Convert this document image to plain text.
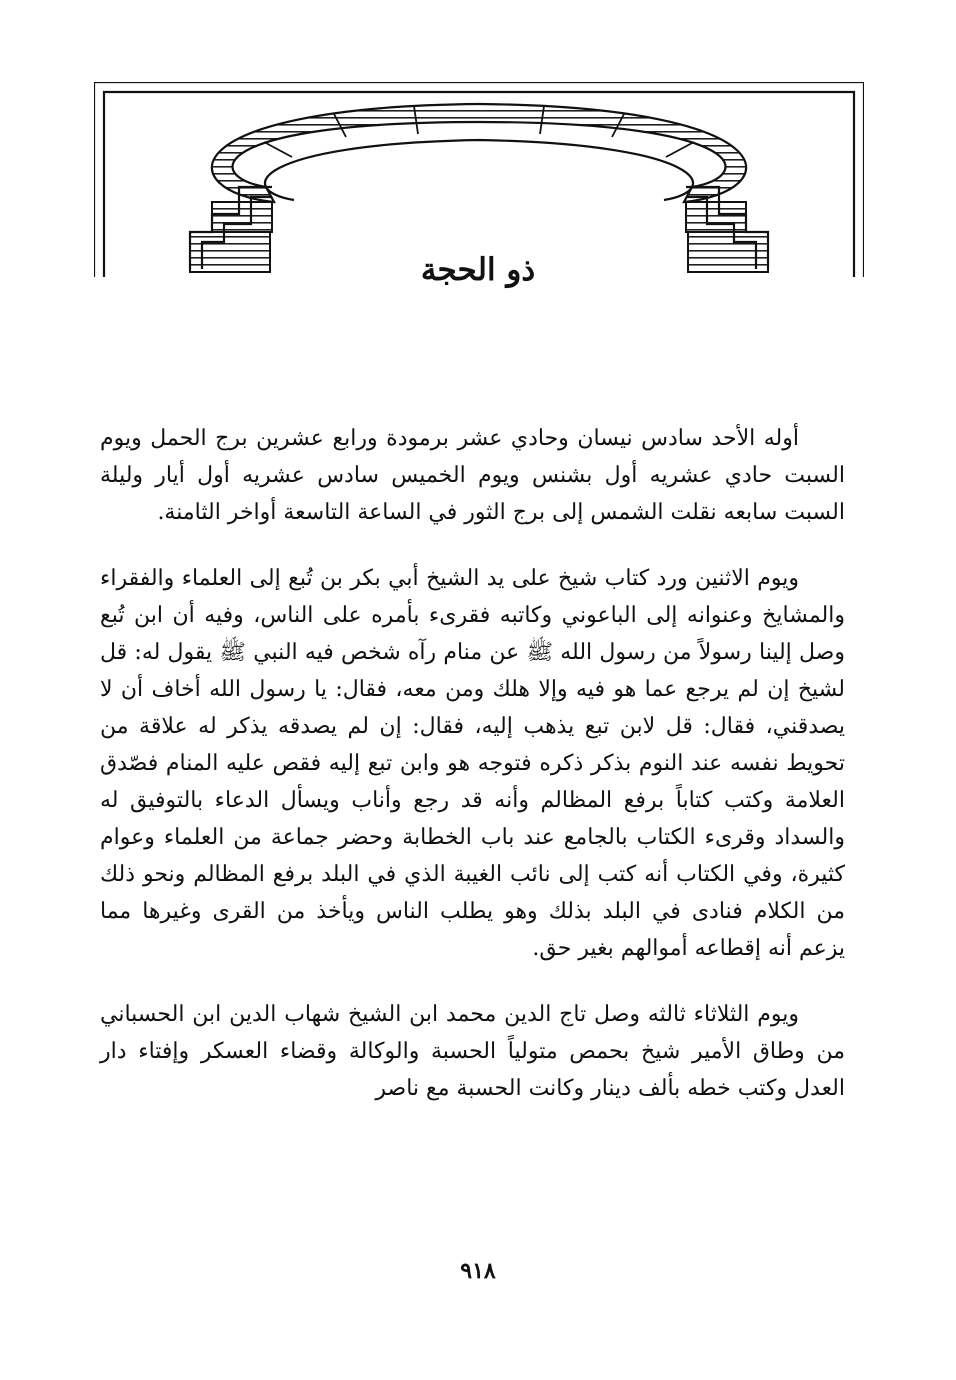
ذو الحجة

أوله الأحد سادس نيسان وحادي عشر برمودة ورابع عشرين برج الحمل ويوم السبت حادي عشريه أول بشنس ويوم الخميس سادس عشريه أول أيار وليلة السبت سابعه نقلت الشمس إلى برج الثور في الساعة التاسعة أواخر الثامنة.

ويوم الاثنين ورد كتاب شيخ على يد الشيخ أبي بكر بن تُبع إلى العلماء والفقراء والمشايخ وعنوانه إلى الباعوني وكاتبه فقرىء بأمره على الناس، وفيه أن ابن تُبع وصل إلينا رسولاً من رسول الله ﷺ عن منام رآه شخص فيه النبي ﷺ يقول له: قل لشيخ إن لم يرجع عما هو فيه وإلا هلك ومن معه، فقال: يا رسول الله أخاف أن لا يصدقني، فقال: قل لابن تبع يذهب إليه، فقال: إن لم يصدقه يذكر له علاقة من تحويط نفسه عند النوم بذكر ذكره فتوجه هو وابن تبع إليه فقص عليه المنام فصّدق العلامة وكتب كتاباً برفع المظالم وأنه قد رجع وأناب ويسأل الدعاء بالتوفيق له والسداد وقرىء الكتاب بالجامع عند باب الخطابة وحضر جماعة من العلماء وعوام كثيرة، وفي الكتاب أنه كتب إلى نائب الغيبة الذي في البلد برفع المظالم ونحو ذلك من الكلام فنادى في البلد بذلك وهو يطلب الناس ويأخذ من القرى وغيرها مما يزعم أنه إقطاعه أموالهم بغير حق.

ويوم الثلاثاء ثالثه وصل تاج الدين محمد ابن الشيخ شهاب الدين ابن الحسباني من وطاق الأمير شيخ بحمص متولياً الحسبة والوكالة وقضاء العسكر وإفتاء دار العدل وكتب خطه بألف دينار وكانت الحسبة مع ناصر

٩١٨
